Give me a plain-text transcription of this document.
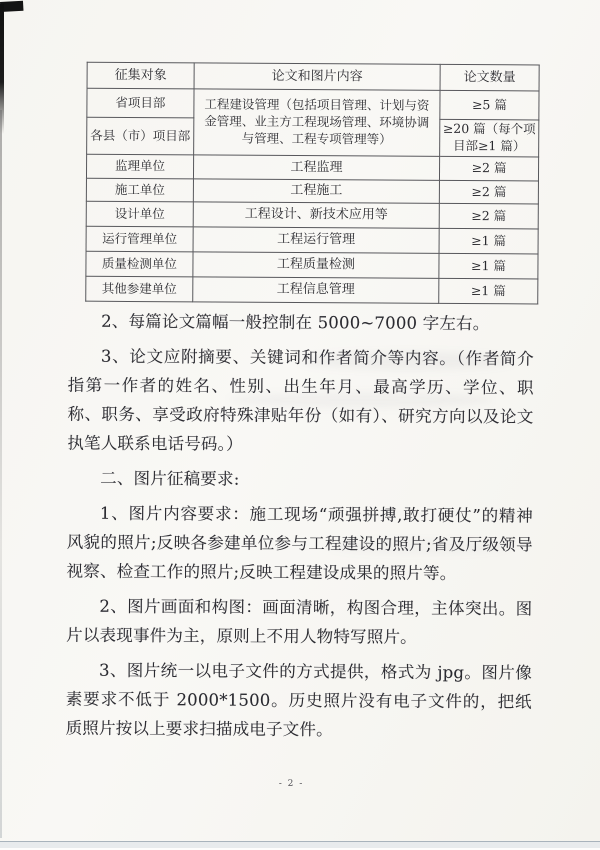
征集对象	论文和图片内容	论文数量
省项目部	工程建设管理（包括项目管理、计划与资金管理、业主方工程现场管理、环境协调与管理、工程专项管理等）	≥5 篇
各县（市）项目部		≥20 篇（每个项目部≥1 篇）
监理单位	工程监理	≥2 篇
施工单位	工程施工	≥2 篇
设计单位	工程设计、新技术应用等	≥2 篇
运行管理单位	工程运行管理	≥1 篇
质量检测单位	工程质量检测	≥1 篇
其他参建单位	工程信息管理	≥1 篇

2、每篇论文篇幅一般控制在 5000~7000 字左右。

3、论文应附摘要、关键词和作者简介等内容。（作者简介指第一作者的姓名、性别、出生年月、最高学历、学位、职称、职务、享受政府特殊津贴年份（如有）、研究方向以及论文执笔人联系电话号码。）

二、图片征稿要求:

1、图片内容要求：施工现场“顽强拼搏,敢打硬仗”的精神风貌的照片;反映各参建单位参与工程建设的照片;省及厅级领导视察、检查工作的照片;反映工程建设成果的照片等。

2、图片画面和构图：画面清晰，构图合理，主体突出。图片以表现事件为主，原则上不用人物特写照片。

3、图片统一以电子文件的方式提供，格式为 jpg。图片像素要求不低于 2000*1500。历史照片没有电子文件的，把纸质照片按以上要求扫描成电子文件。

- 2 -
